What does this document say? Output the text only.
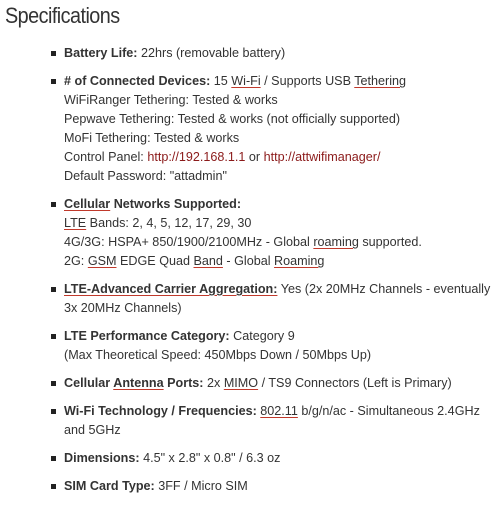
Specifications
Battery Life: 22hrs (removable battery)
# of Connected Devices: 15 Wi-Fi / Supports USB Tethering
WiFiRanger Tethering: Tested & works
Pepwave Tethering: Tested & works (not officially supported)
MoFi Tethering: Tested & works
Control Panel: http://192.168.1.1 or http://attwifimanager/
Default Password: "attadmin"
Cellular Networks Supported:
LTE Bands: 2, 4, 5, 12, 17, 29, 30
4G/3G: HSPA+ 850/1900/2100MHz - Global roaming supported.
2G: GSM EDGE Quad Band - Global Roaming
LTE-Advanced Carrier Aggregation: Yes (2x 20MHz Channels - eventually 3x 20MHz Channels)
LTE Performance Category: Category 9
(Max Theoretical Speed: 450Mbps Down / 50Mbps Up)
Cellular Antenna Ports: 2x MIMO / TS9 Connectors (Left is Primary)
Wi-Fi Technology / Frequencies: 802.11 b/g/n/ac - Simultaneous 2.4GHz and 5GHz
Dimensions: 4.5" x 2.8" x 0.8" / 6.3 oz
SIM Card Type: 3FF / Micro SIM
